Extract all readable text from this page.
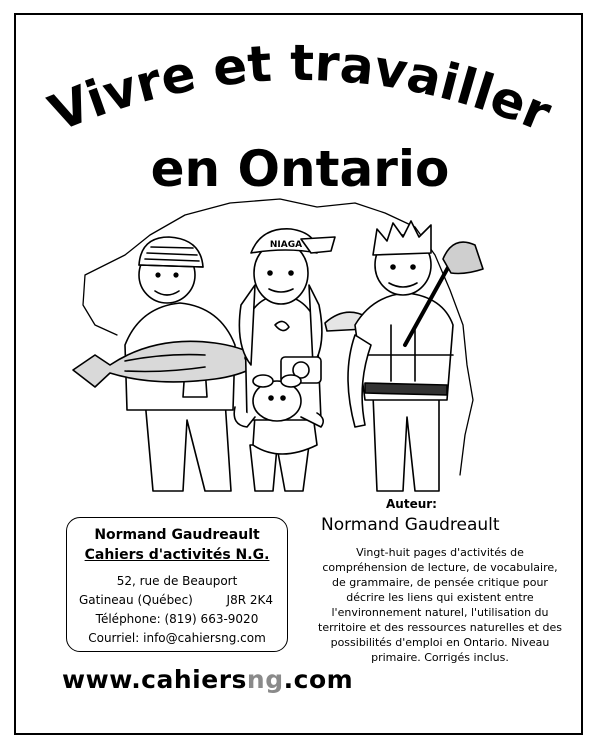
Vivre et travailler
en Ontario
NIAGA
Normand Gaudreault
Cahiers d'activités N.G.
52, rue de Beauport
Gatineau (Québec)	J8R 2K4
Téléphone: (819) 663-9020
Courriel: info@cahiersng.com
www.cahiersng.com
Auteur:
Normand Gaudreault
Vingt-huit pages d'activités de compréhension de lecture, de vocabulaire, de grammaire, de pensée critique pour décrire les liens qui existent entre l'environnement naturel, l'utilisation du territoire et des ressources naturelles et des possibilités d'emploi en Ontario. Niveau primaire. Corrigés inclus.
